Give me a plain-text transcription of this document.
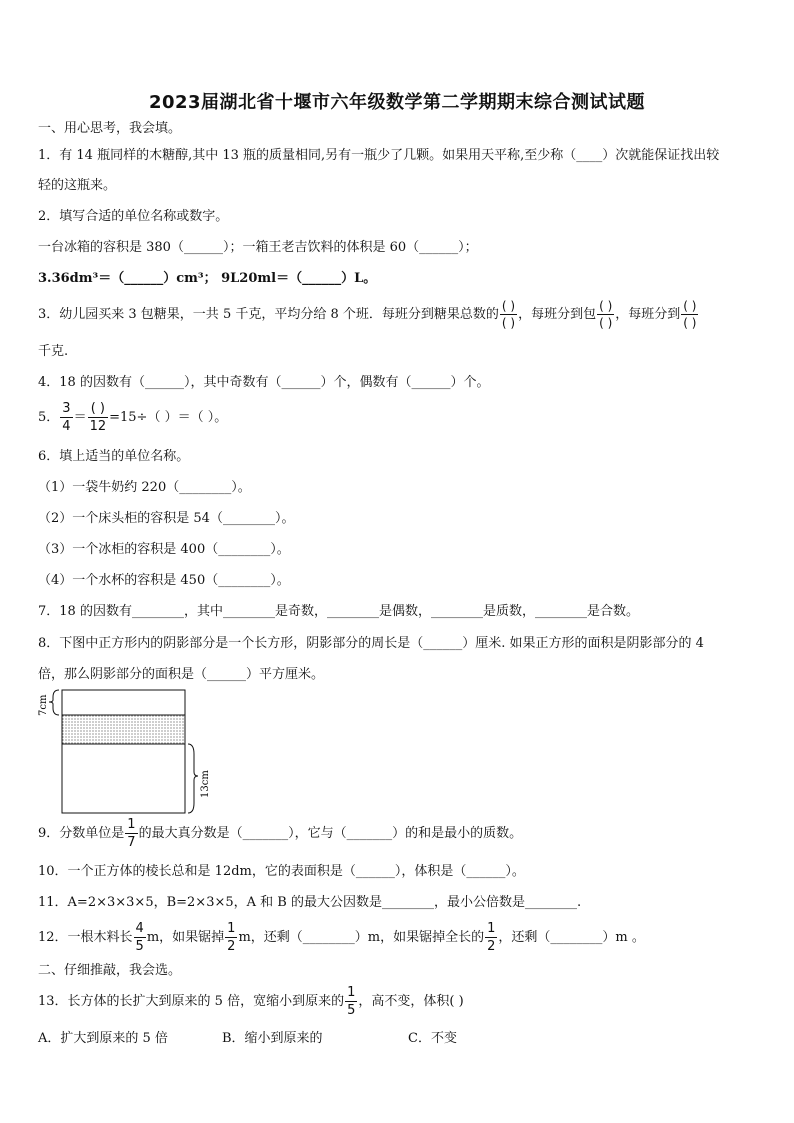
2023届湖北省十堰市六年级数学第二学期期末综合测试试题
一、用心思考，我会填。
1．有 14 瓶同样的木糖醇,其中 13 瓶的质量相同,另有一瓶少了几颗。如果用天平称,至少称（____）次就能保证找出较
轻的这瓶来。
2．填写合适的单位名称或数字。
一台冰箱的容积是 380（______）；一箱王老吉饮料的体积是 60（______）；
3.36dm³＝（______）cm³； 9L20ml＝（______）L。
3．幼儿园买来 3 包糖果，一共 5 千克，平均分给 8 个班．每班分到糖果总数的 $\frac{( )}{( )}$ ，每班分到包 $\frac{( )}{( )}$ ，每班分到 $\frac{( )}{( )}$
千克.
4．18 的因数有（______），其中奇数有（______）个，偶数有（______）个。
5． $\frac{3}{4} = \frac{( )}{12} =15\div$（ ）＝（ ）。
6．填上适当的单位名称。
（1）一袋牛奶约 220（________）。
（2）一个床头柜的容积是 54（________）。
（3）一个冰柜的容积是 400（________）。
（4）一个水杯的容积是 450（________）。
7．18 的因数有________，其中________是奇数，________是偶数，________是质数，________是合数。
8．下图中正方形内的阴影部分是一个长方形，阴影部分的周长是（______）厘米. 如果正方形的面积是阴影部分的 4
倍，那么阴影部分的面积是（______）平方厘米。
7cm
13cm
9．分数单位是 $\frac{1}{7}$ 的最大真分数是（_______），它与（_______）的和是最小的质数。
10．一个正方体的棱长总和是 12dm，它的表面积是（______），体积是（______）。
11．A=2×3×3×5，B=2×3×5，A 和 B 的最大公因数是________，最小公倍数是________.
12．一根木料长 $\frac{4}{5}$ m，如果锯掉 $\frac{1}{2}$ m，还剩（________）m，如果锯掉全长的 $\frac{1}{2}$ ，还剩（________）m 。
二、仔细推敲，我会选。
13．长方体的长扩大到原来的 5 倍，宽缩小到原来的 $\frac{1}{5}$ ，高不变，体积( )
A．扩大到原来的 5 倍	B．缩小到原来的	C．不变
